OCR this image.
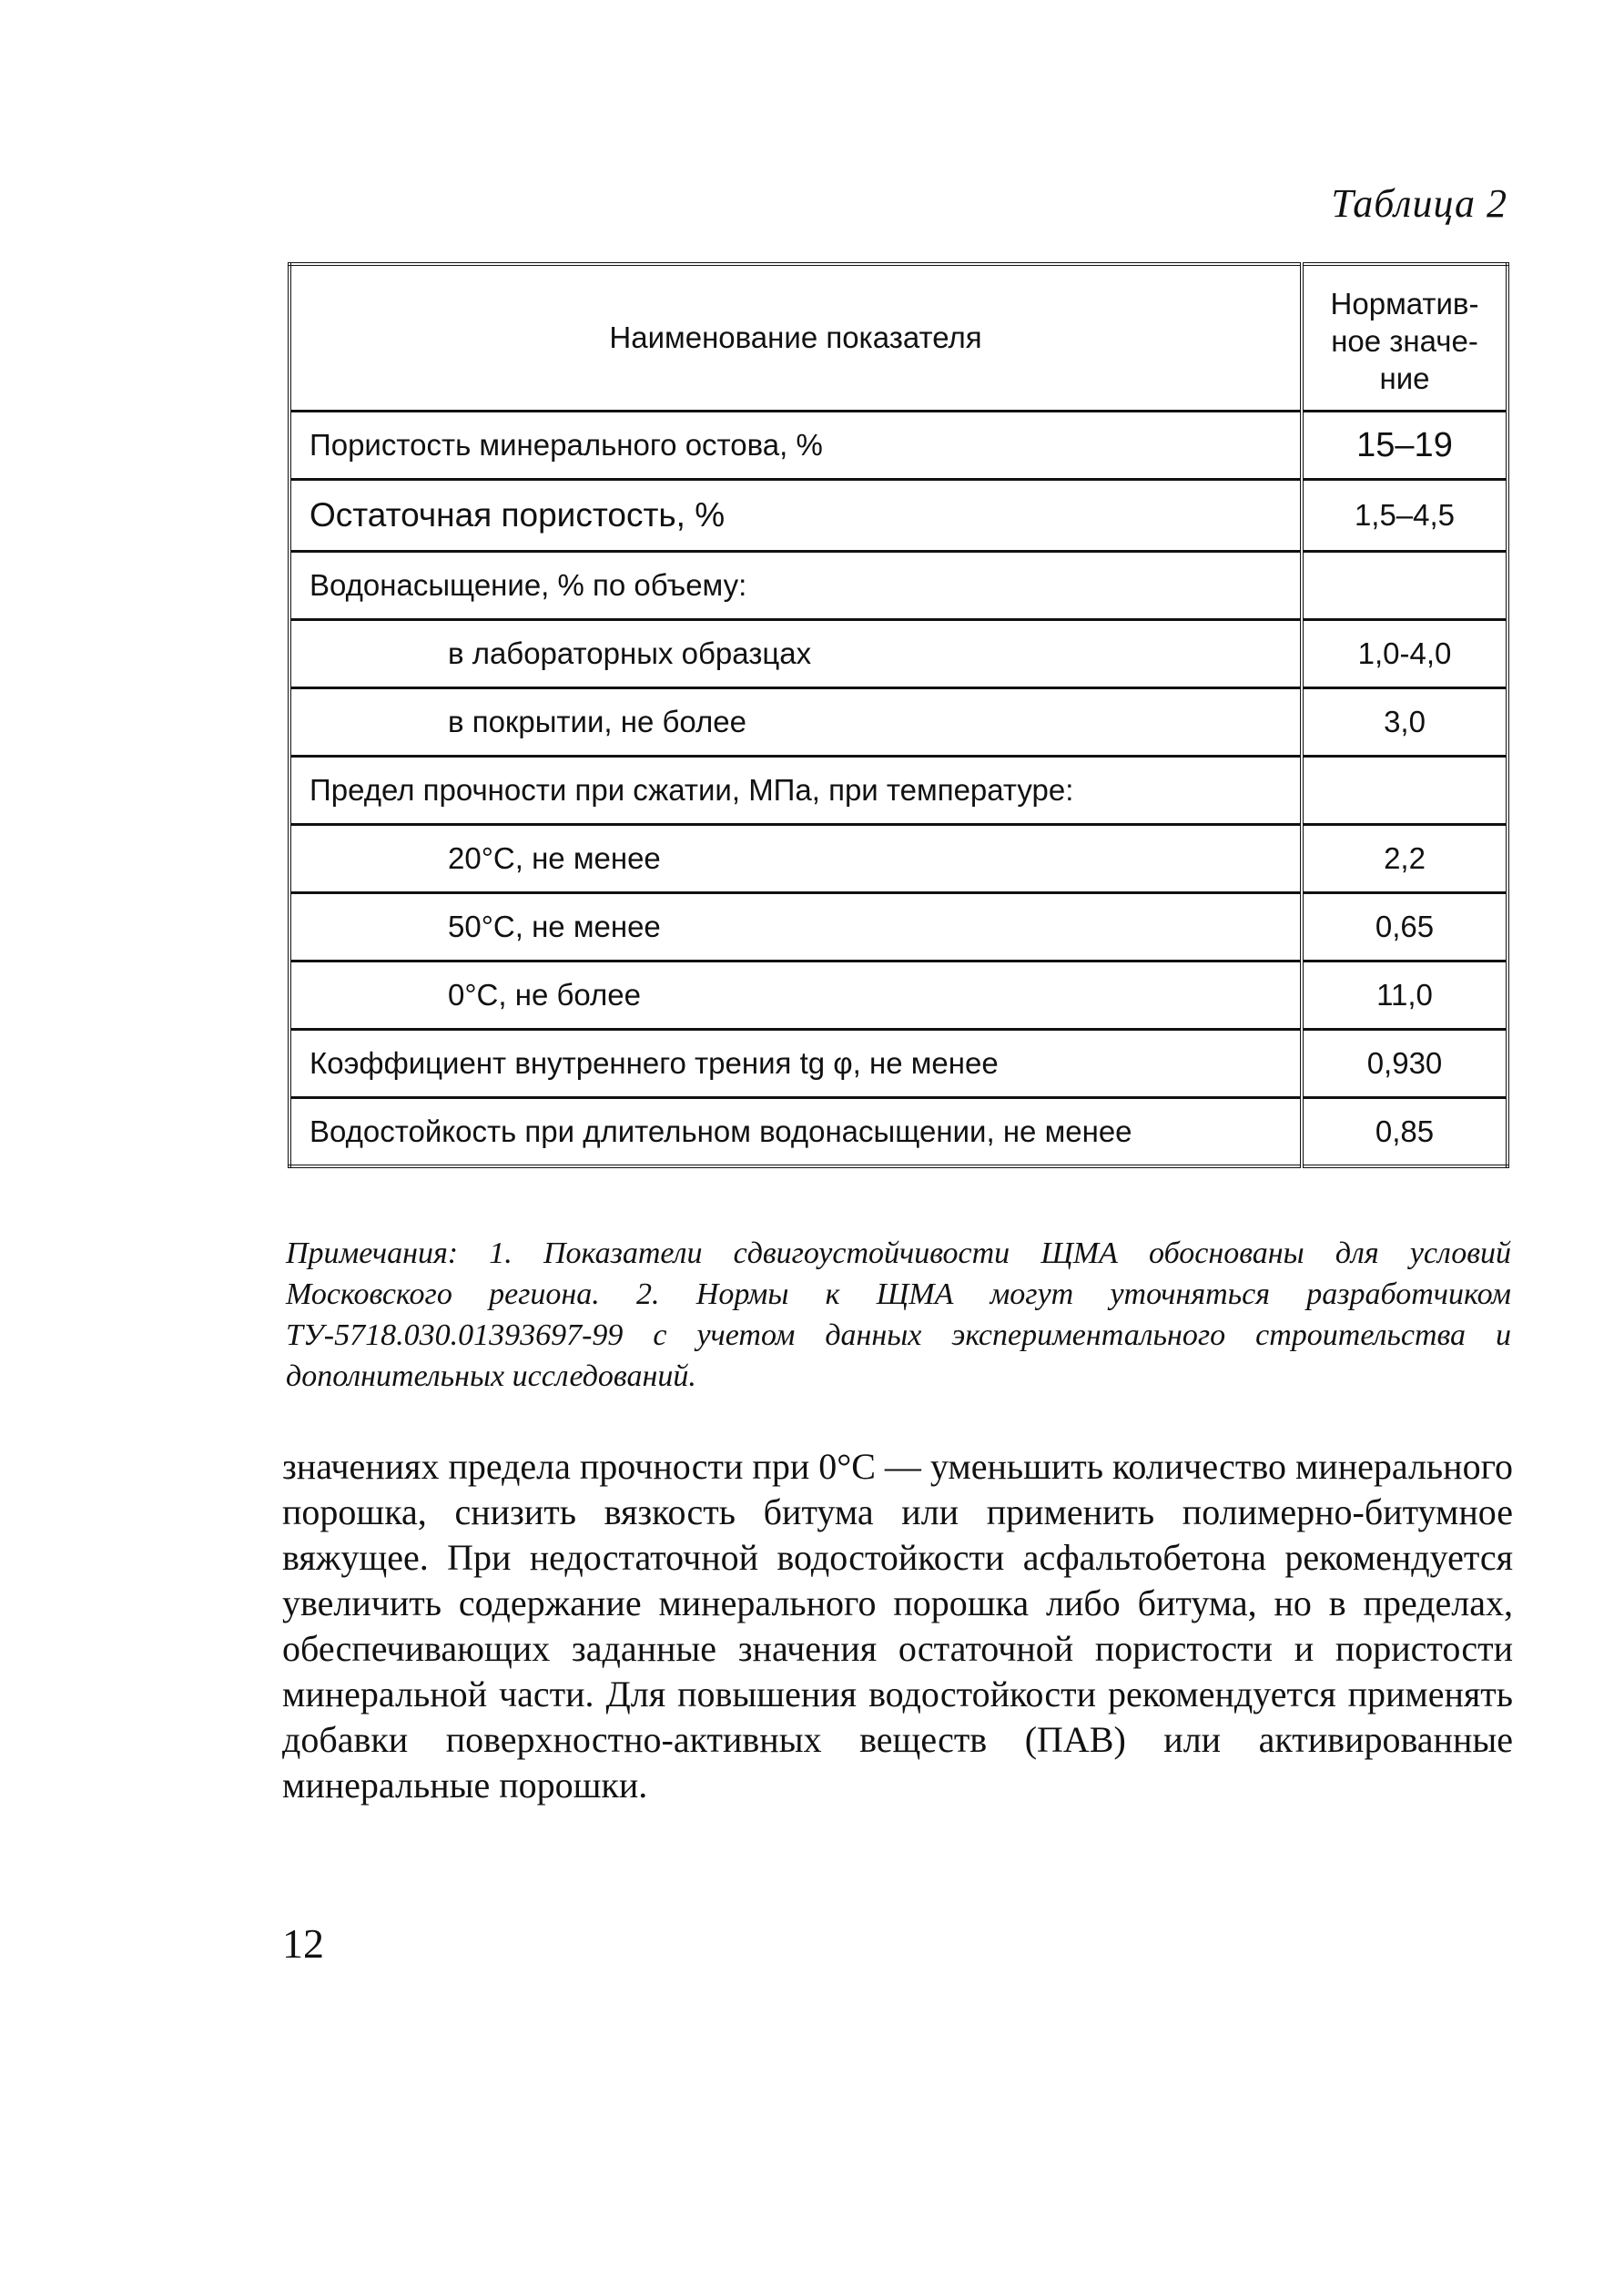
Таблица 2
Наименование показателя	Норматив-
ное значе-
ние
Пористость минерального остова, %	15–19
Остаточная пористость, %	1,5–4,5
Водонасыщение, % по объему:	
в лабораторных образцах	1,0-4,0
в покрытии, не более	3,0
Предел прочности при сжатии, МПа, при температуре:	
20°С, не менее	2,2
50°С, не менее	0,65
0°С, не более	11,0
Коэффициент внутреннего трения tg φ, не менее	0,930
Водостойкость при длительном водонасыщении, не менее	0,85
Примечания: 1. Показатели сдвигоустойчивости ЩМА обоснованы для условий Московского региона. 2. Нормы к ЩМА могут уточняться разработчиком ТУ-5718.030.01393697-99 с учетом данных экспериментального строительства и дополнительных исследований.
значениях предела прочности при 0°С — уменьшить количество минерального порошка, снизить вязкость битума или применить полимерно-битумное вяжущее. При недостаточной водостойкости асфальтобетона рекомендуется увеличить содержание минерального порошка либо битума, но в пределах, обеспечивающих заданные значения остаточной пористости и пористости минеральной части. Для повышения водостойкости рекомендуется применять добавки поверхностно-активных веществ (ПАВ) или активированные минеральные порошки.
12
